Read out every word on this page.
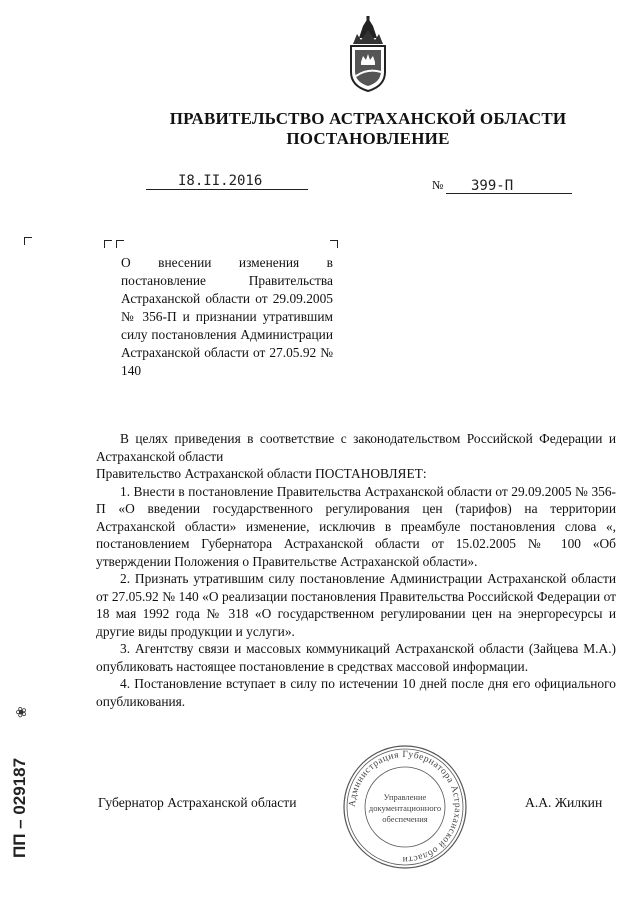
ПРАВИТЕЛЬСТВО АСТРАХАНСКОЙ ОБЛАСТИ
ПОСТАНОВЛЕНИЕ
I8.II.2016	№ 399-П

О внесении изменения в постановление Правительства Астраханской области от 29.09.2005 № 356-П и признании утратившим силу постановления Администрации Астраханской области от 27.05.92 № 140

В целях приведения в соответствие с законодательством Российской Федерации и Астраханской области

Правительство Астраханской области ПОСТАНОВЛЯЕТ:

1. Внести в постановление Правительства Астраханской области от 29.09.2005 № 356-П «О введении государственного регулирования цен (тарифов) на территории Астраханской области» изменение, исключив в преамбуле постановления слова «, постановлением Губернатора Астраханской области от 15.02.2005 № 100 «Об утверждении Положения о Правительстве Астраханской области».

2. Признать утратившим силу постановление Администрации Астраханской области от 27.05.92 № 140 «О реализации постановления Правительства Российской Федерации от 18 мая 1992 года № 318 «О государственном регулировании цен на энергоресурсы и другие виды продукции и услуги».

3. Агентству связи и массовых коммуникаций Астраханской области (Зайцева М.А.) опубликовать настоящее постановление в средствах массовой информации.

4. Постановление вступает в силу по истечении 10 дней после дня его официального опубликования.

Губернатор Астраханской области	А.А. Жилкин
Администрация Губернатора Астраханской области
Управление
документационного
обеспечения
ПП – 029187
❀
